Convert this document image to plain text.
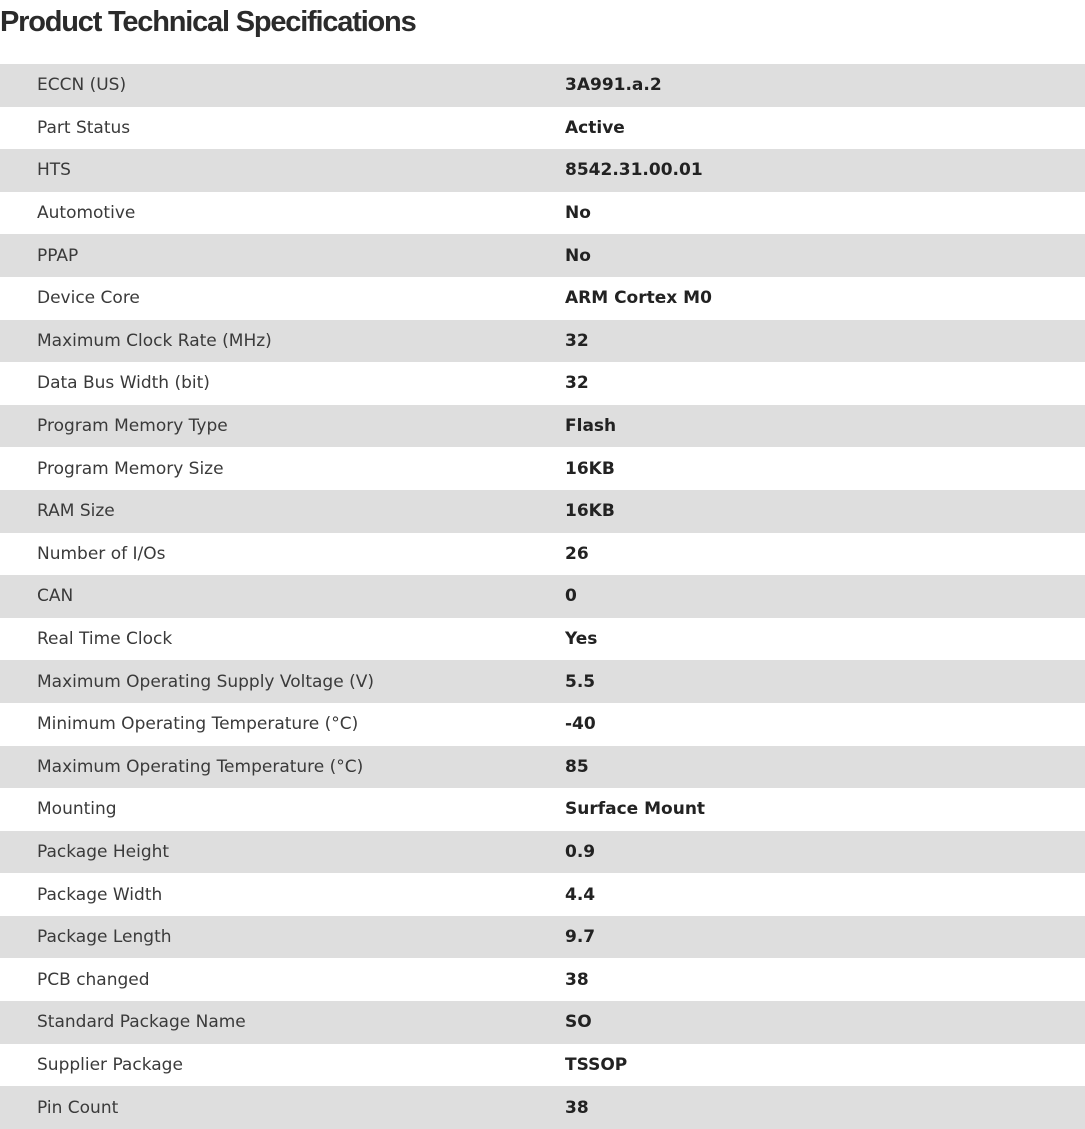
Product Technical Specifications
ECCN (US)	3A991.a.2
Part Status	Active
HTS	8542.31.00.01
Automotive	No
PPAP	No
Device Core	ARM Cortex M0
Maximum Clock Rate (MHz)	32
Data Bus Width (bit)	32
Program Memory Type	Flash
Program Memory Size	16KB
RAM Size	16KB
Number of I/Os	26
CAN	0
Real Time Clock	Yes
Maximum Operating Supply Voltage (V)	5.5
Minimum Operating Temperature (°C)	-40
Maximum Operating Temperature (°C)	85
Mounting	Surface Mount
Package Height	0.9
Package Width	4.4
Package Length	9.7
PCB changed	38
Standard Package Name	SO
Supplier Package	TSSOP
Pin Count	38
